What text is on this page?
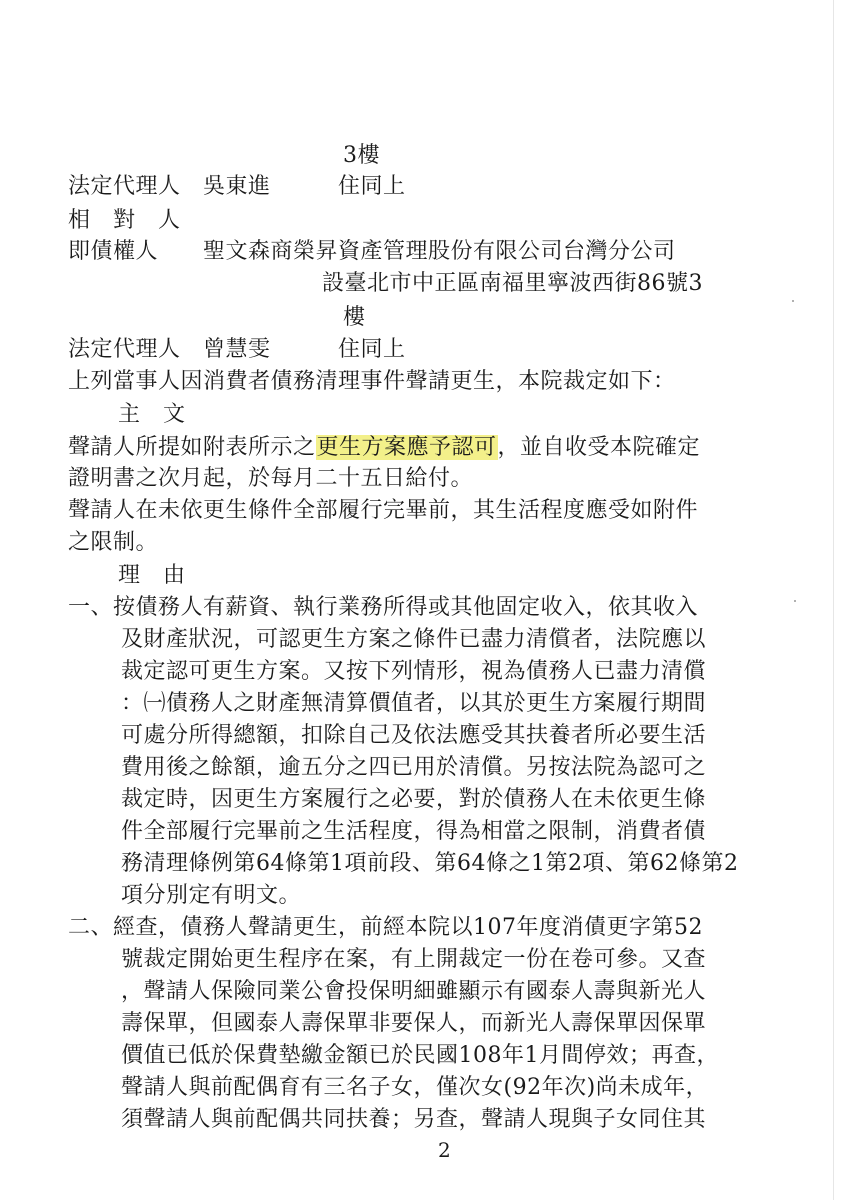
3樓
法定代理人　吳東進　　　住同上
相　對　人
即債權人　　聖文森商榮昇資產管理股份有限公司台灣分公司
設臺北市中正區南福里寧波西街86號3
樓
法定代理人　曾慧雯　　　住同上
上列當事人因消費者債務清理事件聲請更生，本院裁定如下：
主　文
聲請人所提如附表所示之更生方案應予認可，並自收受本院確定
證明書之次月起，於每月二十五日給付。
聲請人在未依更生條件全部履行完畢前，其生活程度應受如附件
之限制。
理　由
一、按債務人有薪資、執行業務所得或其他固定收入，依其收入
及財產狀況，可認更生方案之條件已盡力清償者，法院應以
裁定認可更生方案。又按下列情形，視為債務人已盡力清償
：㈠債務人之財產無清算價值者，以其於更生方案履行期間
可處分所得總額，扣除自己及依法應受其扶養者所必要生活
費用後之餘額，逾五分之四已用於清償。另按法院為認可之
裁定時，因更生方案履行之必要，對於債務人在未依更生條
件全部履行完畢前之生活程度，得為相當之限制，消費者債
務清理條例第64條第1項前段、第64條之1第2項、第62條第2
項分別定有明文。
二、經查，債務人聲請更生，前經本院以107年度消債更字第52
號裁定開始更生程序在案，有上開裁定一份在卷可參。又查
，聲請人保險同業公會投保明細雖顯示有國泰人壽與新光人
壽保單，但國泰人壽保單非要保人，而新光人壽保單因保單
價值已低於保費墊繳金額已於民國108年1月間停效；再查，
聲請人與前配偶育有三名子女，僅次女(92年次)尚未成年，
須聲請人與前配偶共同扶養；另查，聲請人現與子女同住其
2
